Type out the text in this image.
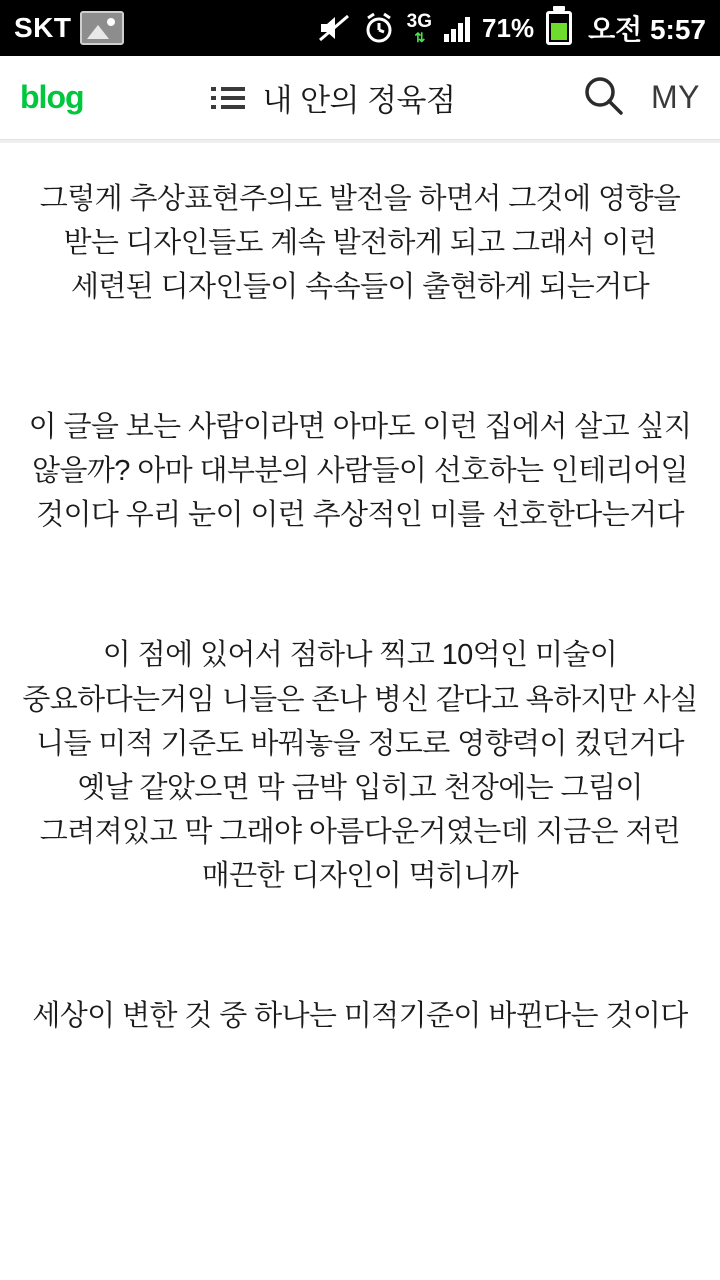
SKT	3G
⇅ 71% 오전 5:57
blog	내 안의 정육점	MY

그렇게 추상표현주의도 발전을 하면서 그것에 영향을 받는 디자인들도 계속 발전하게 되고 그래서 이런 세련된 디자인들이 속속들이 출현하게 되는거다

이 글을 보는 사람이라면 아마도 이런 집에서 살고 싶지 않을까? 아마 대부분의 사람들이 선호하는 인테리어일 것이다 우리 눈이 이런 추상적인 미를 선호한다는거다

이 점에 있어서 점하나 찍고 10억인 미술이 중요하다는거임 니들은 존나 병신 같다고 욕하지만 사실 니들 미적 기준도 바꿔놓을 정도로 영향력이 컸던거다 옛날 같았으면 막 금박 입히고 천장에는 그림이 그려져있고 막 그래야 아름다운거였는데 지금은 저런 매끈한 디자인이 먹히니까

세상이 변한 것 중 하나는 미적기준이 바뀐다는 것이다
